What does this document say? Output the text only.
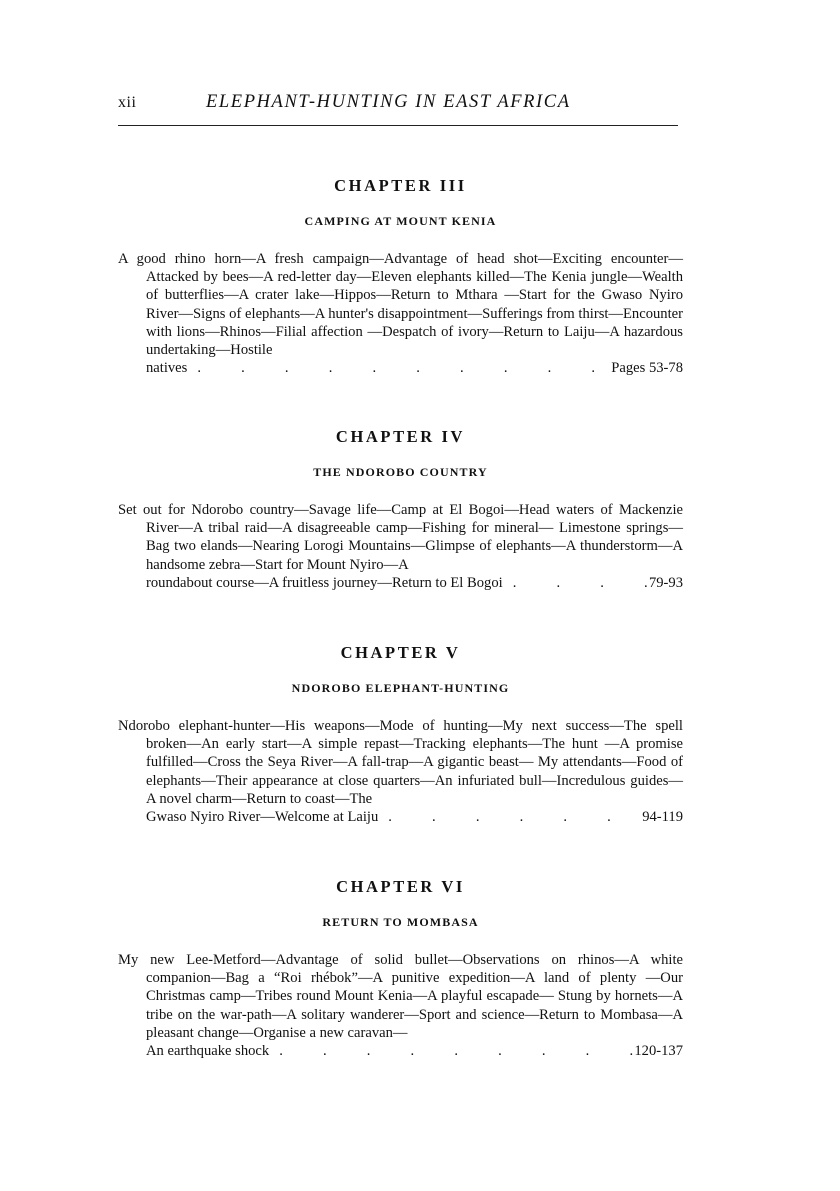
xii	ELEPHANT-HUNTING IN EAST AFRICA
CHAPTER III
CAMPING AT MOUNT KENIA

A good rhino horn—A fresh campaign—Advantage of head shot—Exciting encounter—Attacked by bees—A red-letter day—Eleven elephants killed—The Kenia jungle—Wealth of butterflies—A crater lake—Hippos—Return to Mthara —Start for the Gwaso Nyiro River—Signs of elephants—A hunter's disappointment—Sufferings from thirst—Encounter with lions—Rhinos—Filial affection —Despatch of ivory—Return to Laiju—A hazardous undertaking—Hostile

natives .	Pages 53-78
CHAPTER IV
THE NDOROBO COUNTRY

Set out for Ndorobo country—Savage life—Camp at El Bogoi—Head waters of Mackenzie River—A tribal raid—A disagreeable camp—Fishing for mineral— Limestone springs—Bag two elands—Nearing Lorogi Mountains—Glimpse of elephants—A thunderstorm—A handsome zebra—Start for Mount Nyiro—A

roundabout course—A fruitless journey—Return to El Bogoi .	79-93
CHAPTER V
NDOROBO ELEPHANT-HUNTING

Ndorobo elephant-hunter—His weapons—Mode of hunting—My next success—The spell broken—An early start—A simple repast—Tracking elephants—The hunt —A promise fulfilled—Cross the Seya River—A fall-trap—A gigantic beast— My attendants—Food of elephants—Their appearance at close quarters—An infuriated bull—Incredulous guides—A novel charm—Return to coast—The

Gwaso Nyiro River—Welcome at Laiju .	94-119
CHAPTER VI
RETURN TO MOMBASA

My new Lee-Metford—Advantage of solid bullet—Observations on rhinos—A white companion—Bag a “Roi rhébok”—A punitive expedition—A land of plenty —Our Christmas camp—Tribes round Mount Kenia—A playful escapade— Stung by hornets—A tribe on the war-path—A solitary wanderer—Sport and science—Return to Mombasa—A pleasant change—Organise a new caravan—

An earthquake shock .	120-137
